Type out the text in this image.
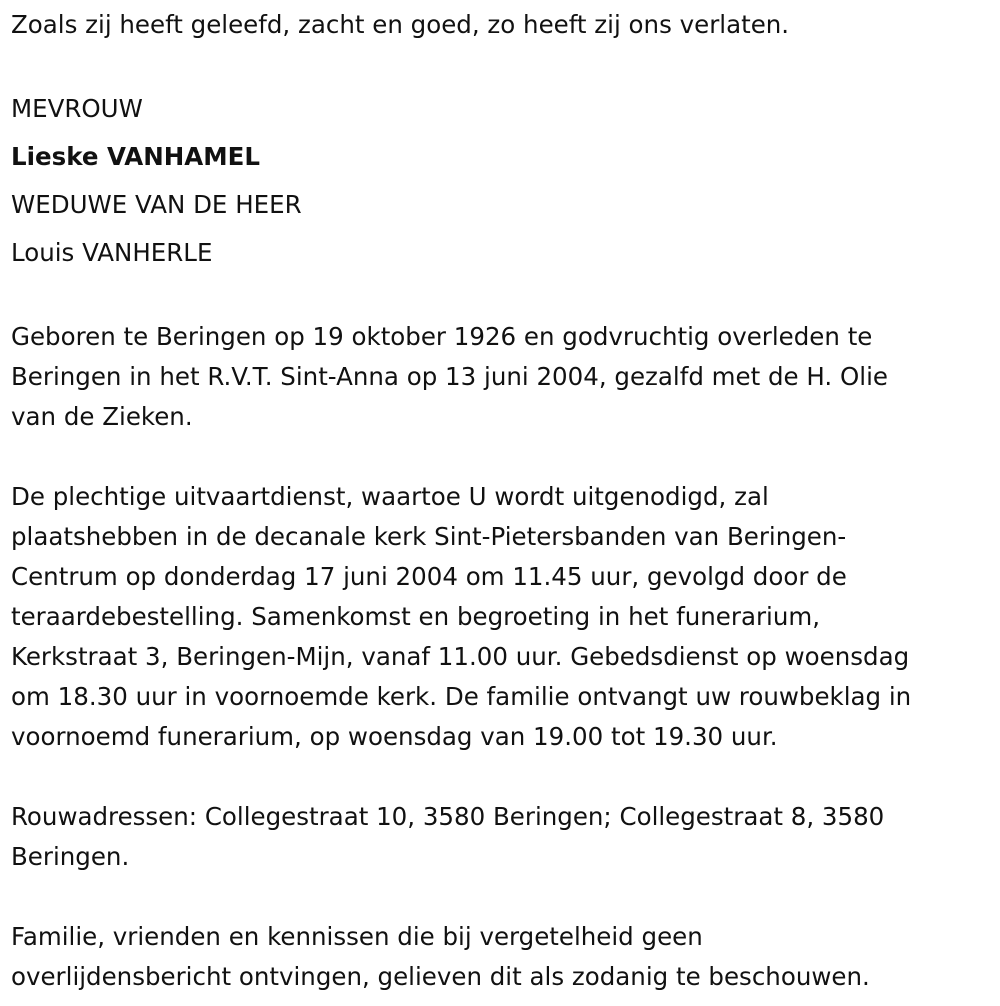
Zoals zij heeft geleefd, zacht en goed, zo heeft zij ons verlaten.
MEVROUW
Lieske VANHAMEL
WEDUWE VAN DE HEER
Louis VANHERLE
Geboren te Beringen op 19 oktober 1926 en godvruchtig overleden te
Beringen in het R.V.T. Sint-Anna op 13 juni 2004, gezalfd met de H. Olie
van de Zieken.
De plechtige uitvaartdienst, waartoe U wordt uitgenodigd, zal
plaatshebben in de decanale kerk Sint-Pietersbanden van Beringen-
Centrum op donderdag 17 juni 2004 om 11.45 uur, gevolgd door de
teraardebestelling. Samenkomst en begroeting in het funerarium,
Kerkstraat 3, Beringen-Mijn, vanaf 11.00 uur. Gebedsdienst op woensdag
om 18.30 uur in voornoemde kerk. De familie ontvangt uw rouwbeklag in
voornoemd funerarium, op woensdag van 19.00 tot 19.30 uur.
Rouwadressen: Collegestraat 10, 3580 Beringen; Collegestraat 8, 3580
Beringen.
Familie, vrienden en kennissen die bij vergetelheid geen
overlijdensbericht ontvingen, gelieven dit als zodanig te beschouwen.
